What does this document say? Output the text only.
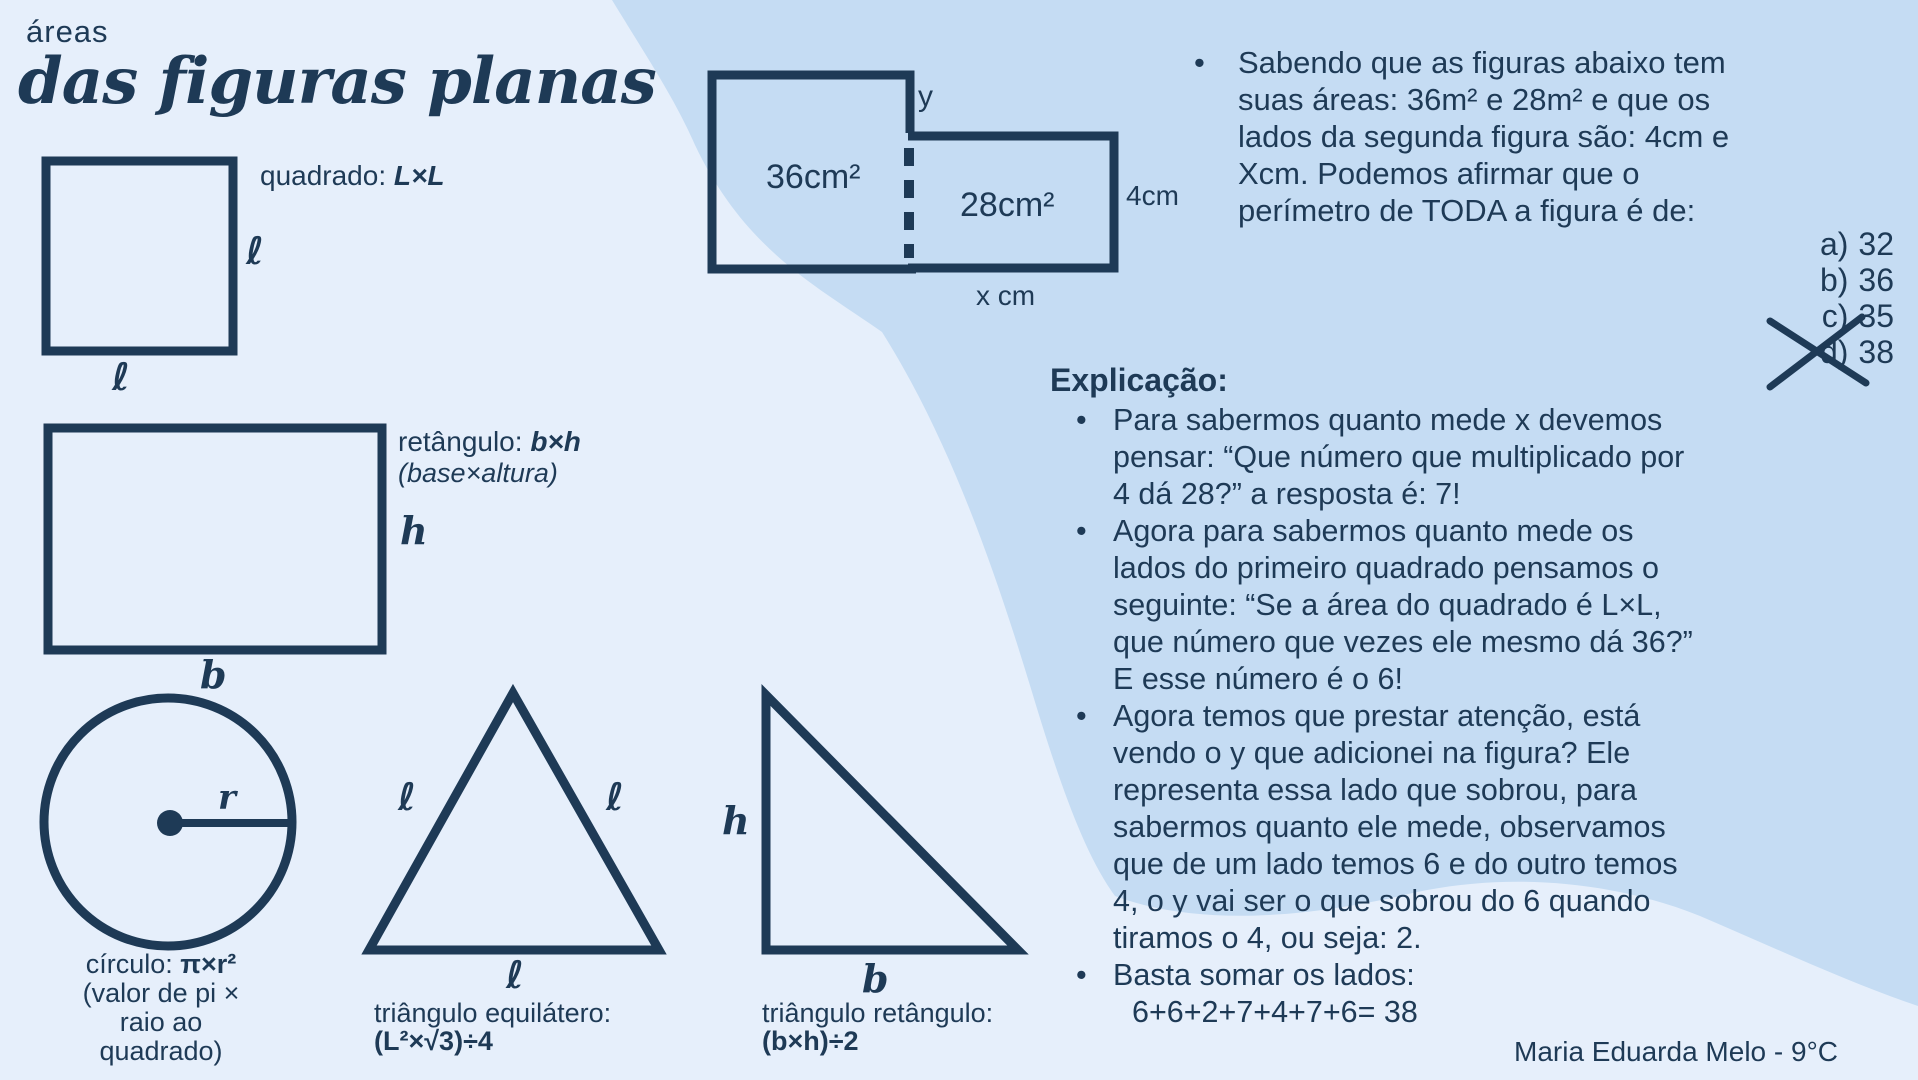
áreas
das figuras planas
quadrado: L×L
ℓ
ℓ
retângulo: b×h
(base×altura)
h
b
r
círculo: π×r²
(valor de pi ×
raio ao
quadrado)
ℓ	ℓ
ℓ
triângulo equilátero:
(L²×√3)÷4
h
b
triângulo retângulo:
(b×h)÷2
36cm²
28cm²
y
4cm
x cm
•	Sabendo que as figuras abaixo tem
suas áreas: 36m² e 28m² e que os
lados da segunda figura são: 4cm e
Xcm. Podemos afirmar que o
perímetro de TODA a figura é de:
a) 32
b) 36
c) 35
d) 38
Explicação:
• Para sabermos quanto mede x devemos
pensar: “Que número que multiplicado por
4 dá 28?” a resposta é: 7!
• Agora para sabermos quanto mede os
lados do primeiro quadrado pensamos o
seguinte: “Se a área do quadrado é L×L,
que número que vezes ele mesmo dá 36?”
E esse número é o 6!
• Agora temos que prestar atenção, está
vendo o y que adicionei na figura? Ele
representa essa lado que sobrou, para
sabermos quanto ele mede, observamos
que de um lado temos 6 e do outro temos
4, o y vai ser o que sobrou do 6 quando
tiramos o 4, ou seja: 2.
• Basta somar os lados:
6+6+2+7+4+7+6= 38
Maria Eduarda Melo - 9°C
